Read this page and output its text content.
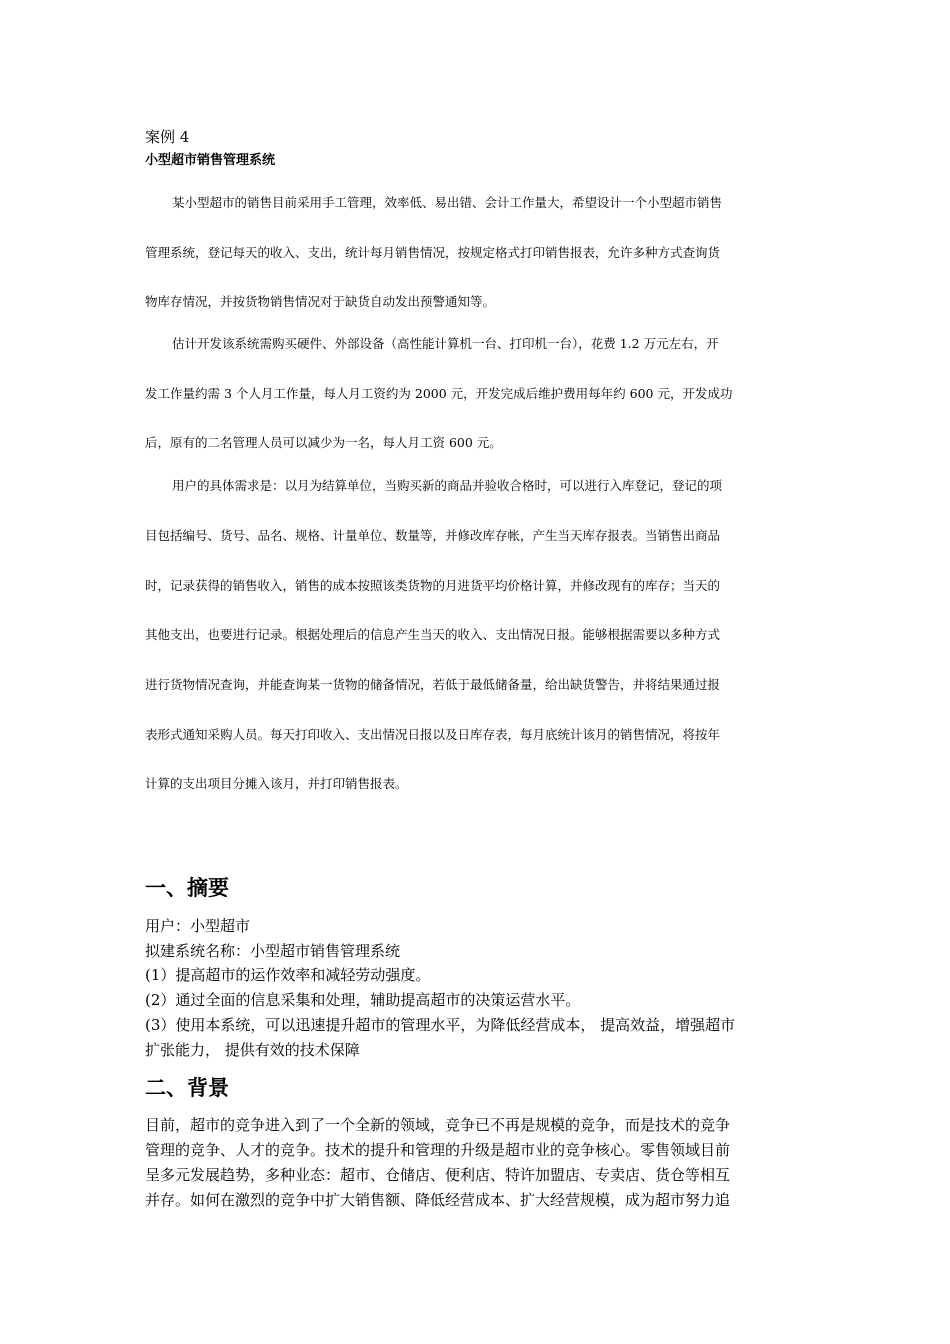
案例 4
小型超市销售管理系统
某小型超市的销售目前采用手工管理，效率低、易出错、会计工作量大，希望设计一个小型超市销售
管理系统，登记每天的收入、支出，统计每月销售情况，按规定格式打印销售报表，允许多种方式查询货
物库存情况，并按货物销售情况对于缺货自动发出预警通知等。
估计开发该系统需购买硬件、外部设备（高性能计算机一台、打印机一台），花费 1.2 万元左右，开
发工作量约需 3 个人月工作量，每人月工资约为 2000 元，开发完成后维护费用每年约 600 元，开发成功
后，原有的二名管理人员可以减少为一名，每人月工资 600 元。
用户的具体需求是：以月为结算单位，当购买新的商品并验收合格时，可以进行入库登记，登记的项
目包括编号、货号、品名、规格、计量单位、数量等，并修改库存帐，产生当天库存报表。当销售出商品
时，记录获得的销售收入，销售的成本按照该类货物的月进货平均价格计算，并修改现有的库存；当天的
其他支出，也要进行记录。根据处理后的信息产生当天的收入、支出情况日报。能够根据需要以多种方式
进行货物情况查询，并能查询某一货物的储备情况，若低于最低储备量，给出缺货警告，并将结果通过报
表形式通知采购人员。每天打印收入、支出情况日报以及日库存表，每月底统计该月的销售情况，将按年
计算的支出项目分摊入该月，并打印销售报表。
一、摘要
用户：小型超市
拟建系统名称：小型超市销售管理系统
(1）提高超市的运作效率和减轻劳动强度。
(2）通过全面的信息采集和处理，辅助提高超市的决策运营水平。
(3）使用本系统，可以迅速提升超市的管理水平，为降低经营成本， 提高效益，增强超市
扩张能力， 提供有效的技术保障
二、背景
目前，超市的竞争进入到了一个全新的领域，竞争已不再是规模的竞争，而是技术的竞争
管理的竞争、人才的竞争。技术的提升和管理的升级是超市业的竞争核心。零售领域目前
呈多元发展趋势，多种业态：超市、仓储店、便利店、特许加盟店、专卖店、货仓等相互
并存。如何在激烈的竞争中扩大销售额、降低经营成本、扩大经营规模，成为超市努力追
